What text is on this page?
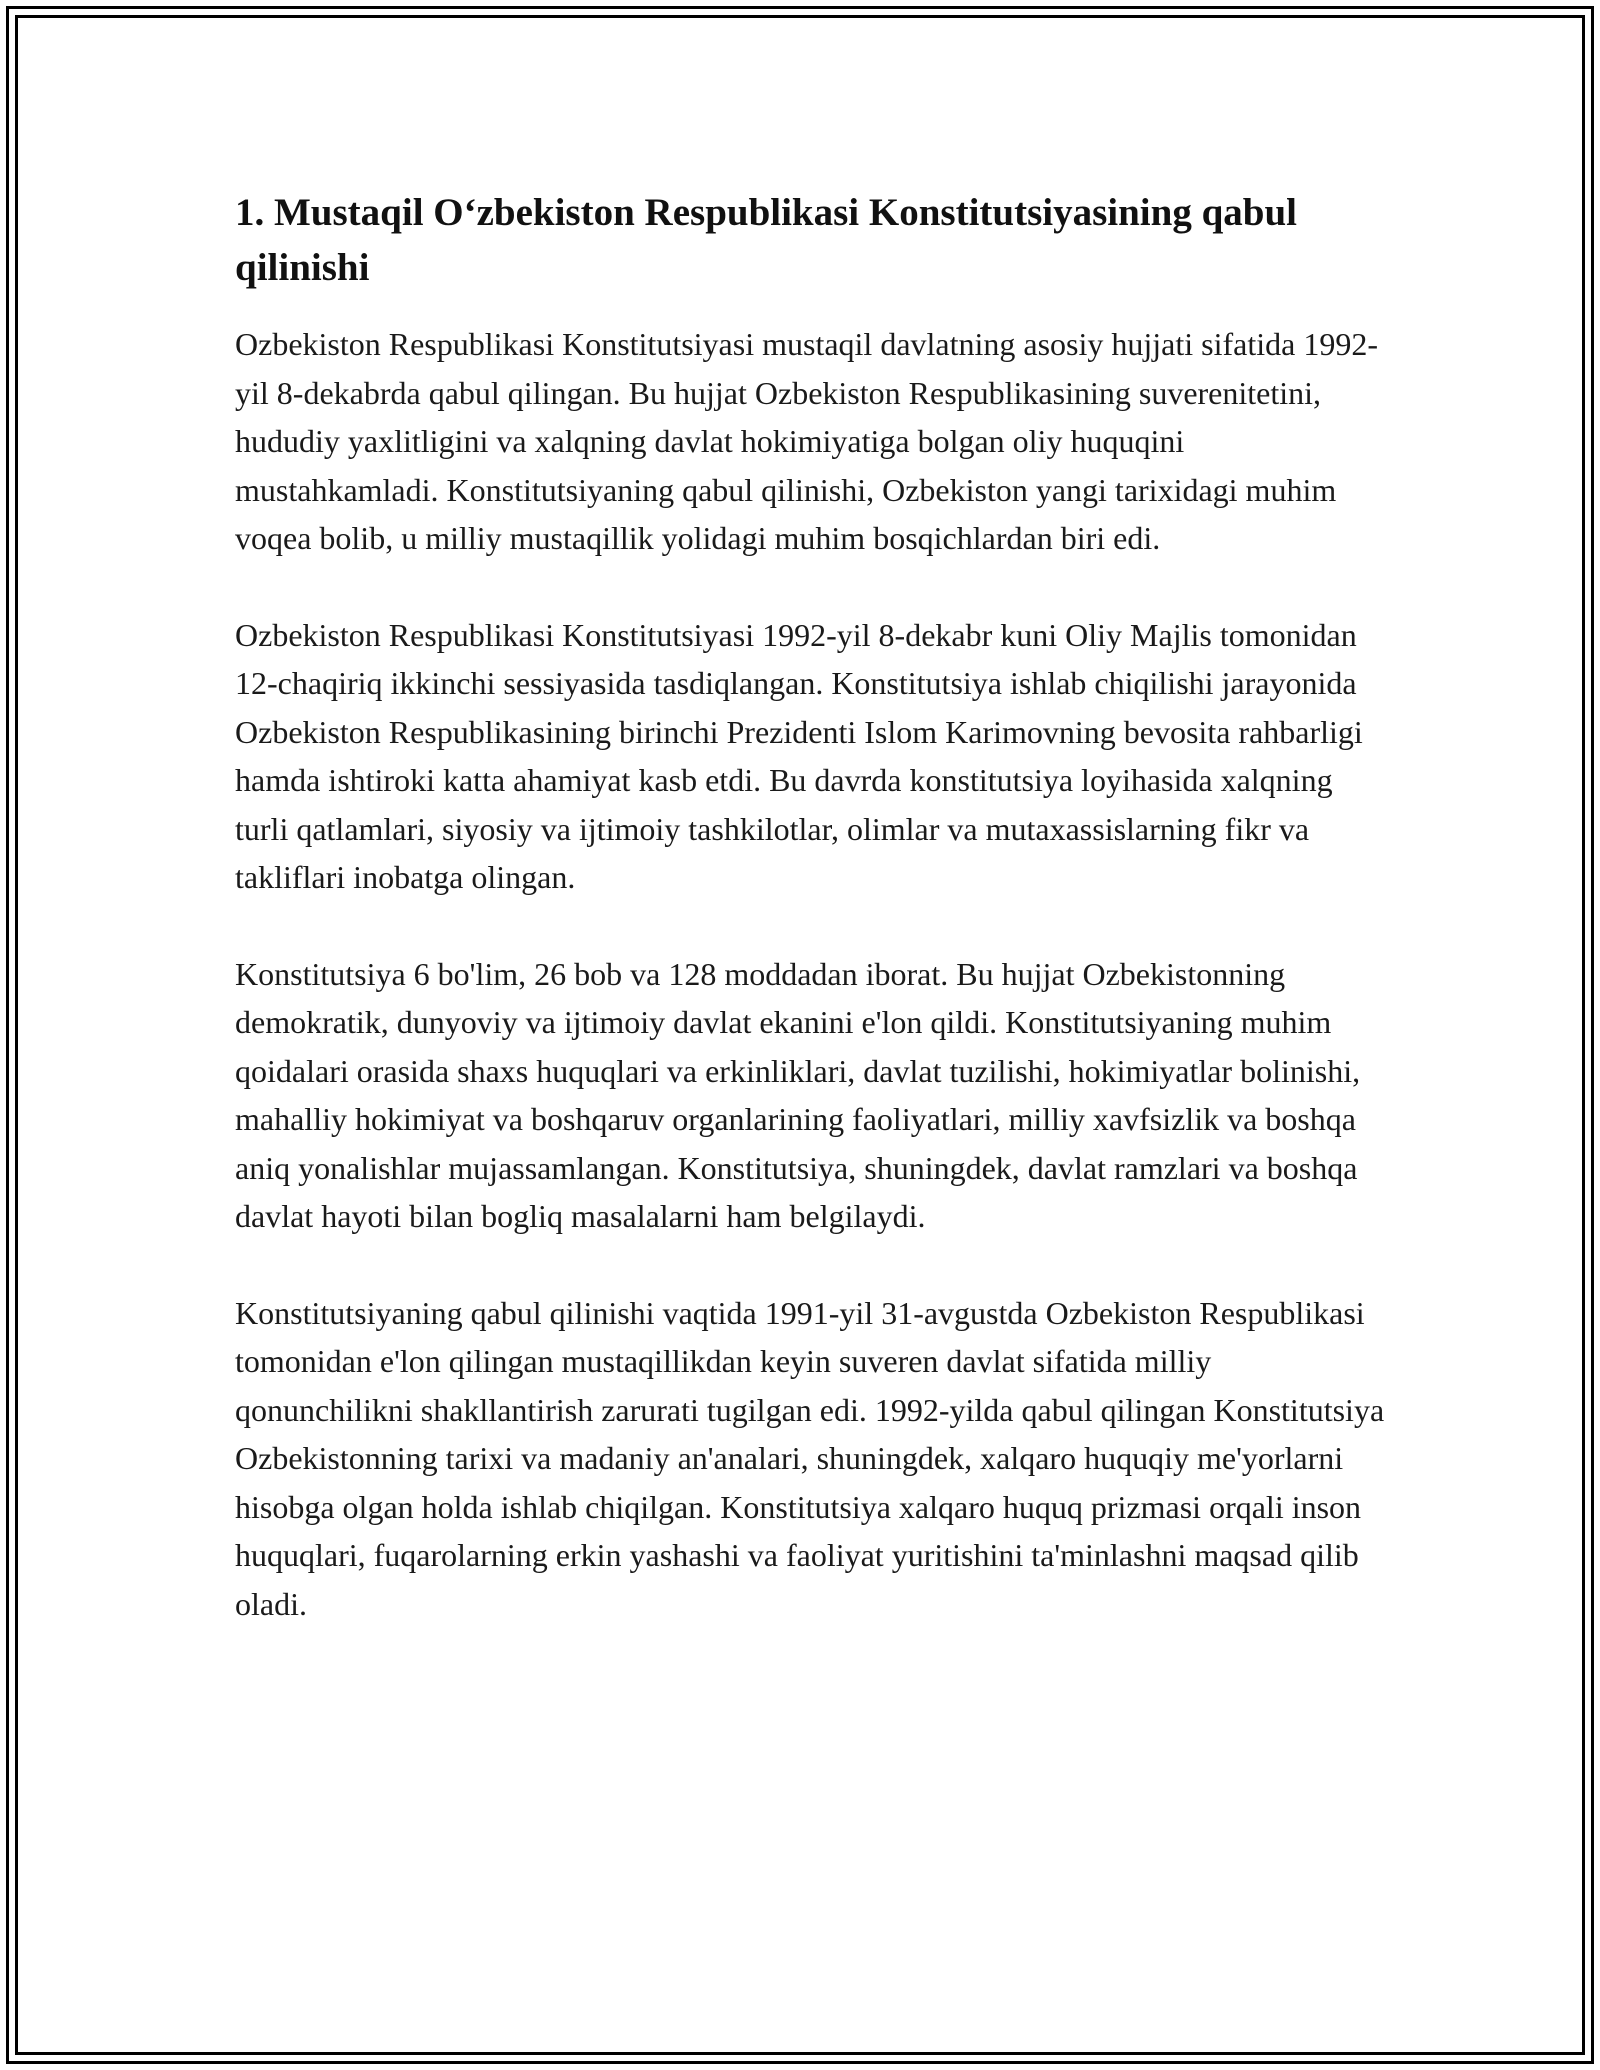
1. Mustaqil O‘zbekiston Respublikasi Konstitutsiyasining qabul qilinishi

Ozbekiston Respublikasi Konstitutsiyasi mustaqil davlatning asosiy hujjati sifatida 1992-yil 8-dekabrda qabul qilingan. Bu hujjat Ozbekiston Respublikasining suverenitetini, hududiy yaxlitligini va xalqning davlat hokimiyatiga bolgan oliy huquqini mustahkamladi. Konstitutsiyaning qabul qilinishi, Ozbekiston yangi tarixidagi muhim voqea bolib, u milliy mustaqillik yolidagi muhim bosqichlardan biri edi.

Ozbekiston Respublikasi Konstitutsiyasi 1992-yil 8-dekabr kuni Oliy Majlis tomonidan 12-chaqiriq ikkinchi sessiyasida tasdiqlangan. Konstitutsiya ishlab chiqilishi jarayonida Ozbekiston Respublikasining birinchi Prezidenti Islom Karimovning bevosita rahbarligi hamda ishtiroki katta ahamiyat kasb etdi. Bu davrda konstitutsiya loyihasida xalqning turli qatlamlari, siyosiy va ijtimoiy tashkilotlar, olimlar va mutaxassislarning fikr va takliflari inobatga olingan.

Konstitutsiya 6 bo'lim, 26 bob va 128 moddadan iborat. Bu hujjat Ozbekistonning demokratik, dunyoviy va ijtimoiy davlat ekanini e'lon qildi. Konstitutsiyaning muhim qoidalari orasida shaxs huquqlari va erkinliklari, davlat tuzilishi, hokimiyatlar bolinishi, mahalliy hokimiyat va boshqaruv organlarining faoliyatlari, milliy xavfsizlik va boshqa aniq yonalishlar mujassamlangan. Konstitutsiya, shuningdek, davlat ramzlari va boshqa davlat hayoti bilan bogliq masalalarni ham belgilaydi.

Konstitutsiyaning qabul qilinishi vaqtida 1991-yil 31-avgustda Ozbekiston Respublikasi tomonidan e'lon qilingan mustaqillikdan keyin suveren davlat sifatida milliy qonunchilikni shakllantirish zarurati tugilgan edi. 1992-yilda qabul qilingan Konstitutsiya Ozbekistonning tarixi va madaniy an'analari, shuningdek, xalqaro huquqiy me'yorlarni hisobga olgan holda ishlab chiqilgan. Konstitutsiya xalqaro huquq prizmasi orqali inson huquqlari, fuqarolarning erkin yashashi va faoliyat yuritishini ta'minlashni maqsad qilib oladi.
